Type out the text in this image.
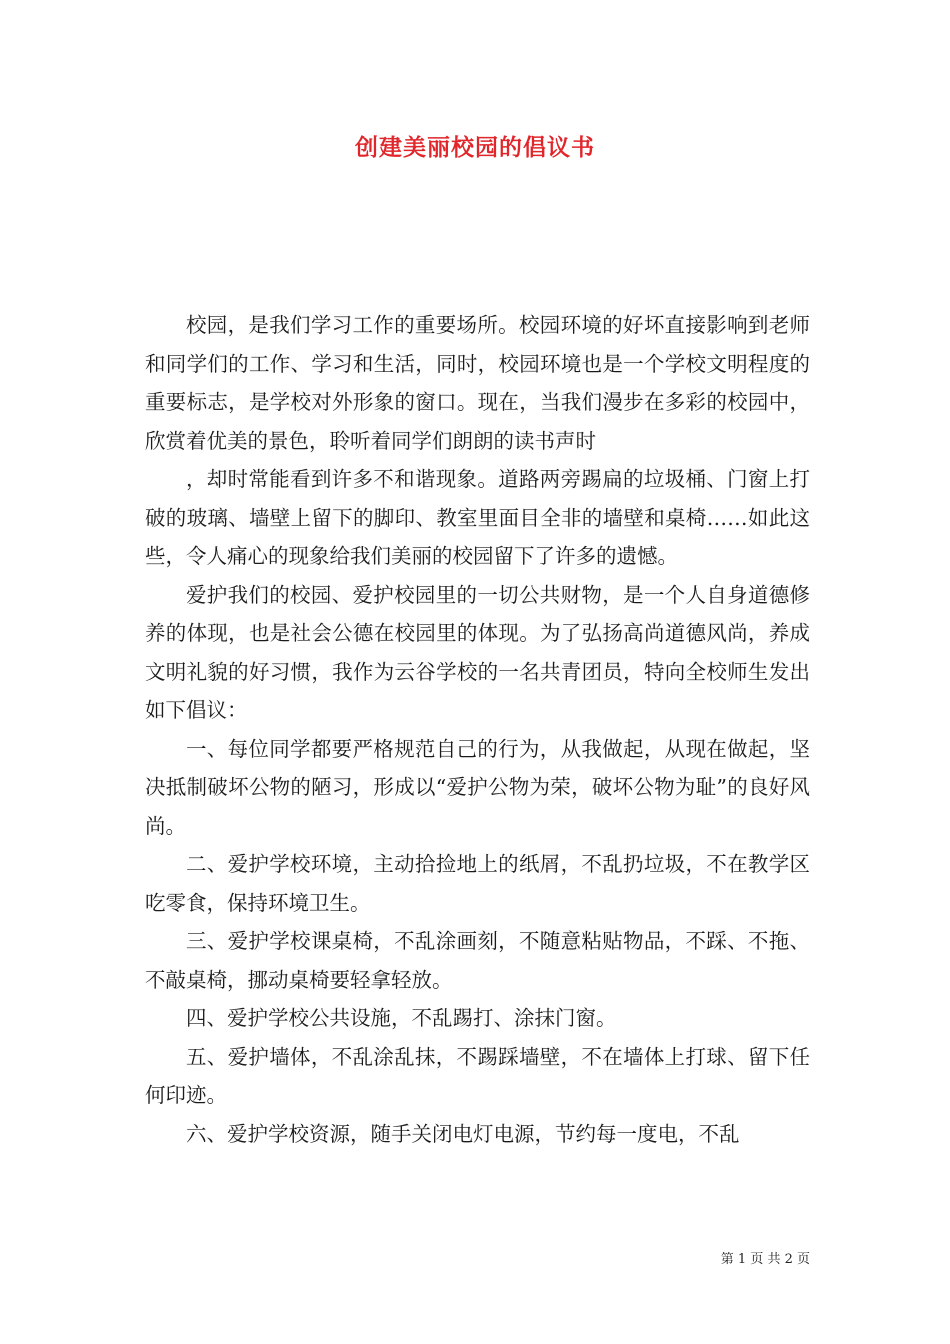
创建美丽校园的倡议书

校园，是我们学习工作的重要场所。校园环境的好坏直接影响到老师和同学们的工作、学习和生活，同时，校园环境也是一个学校文明程度的重要标志，是学校对外形象的窗口。现在，当我们漫步在多彩的校园中，欣赏着优美的景色，聆听着同学们朗朗的读书声时

，却时常能看到许多不和谐现象。道路两旁踢扁的垃圾桶、门窗上打破的玻璃、墙壁上留下的脚印、教室里面目全非的墙壁和桌椅……如此这些，令人痛心的现象给我们美丽的校园留下了许多的遗憾。

爱护我们的校园、爱护校园里的一切公共财物，是一个人自身道德修养的体现，也是社会公德在校园里的体现。为了弘扬高尚道德风尚，养成文明礼貌的好习惯，我作为云谷学校的一名共青团员，特向全校师生发出如下倡议：

一、每位同学都要严格规范自己的行为，从我做起，从现在做起，坚决抵制破坏公物的陋习，形成以“爱护公物为荣，破坏公物为耻”的良好风尚。

二、爱护学校环境，主动拾捡地上的纸屑，不乱扔垃圾，不在教学区吃零食，保持环境卫生。

三、爱护学校课桌椅，不乱涂画刻，不随意粘贴物品，不踩、不拖、不敲桌椅，挪动桌椅要轻拿轻放。

四、爱护学校公共设施，不乱踢打、涂抹门窗。

五、爱护墙体，不乱涂乱抹，不踢踩墙壁，不在墙体上打球、留下任何印迹。

六、爱护学校资源，随手关闭电灯电源，节约每一度电，不乱

第 1 页 共 2 页
